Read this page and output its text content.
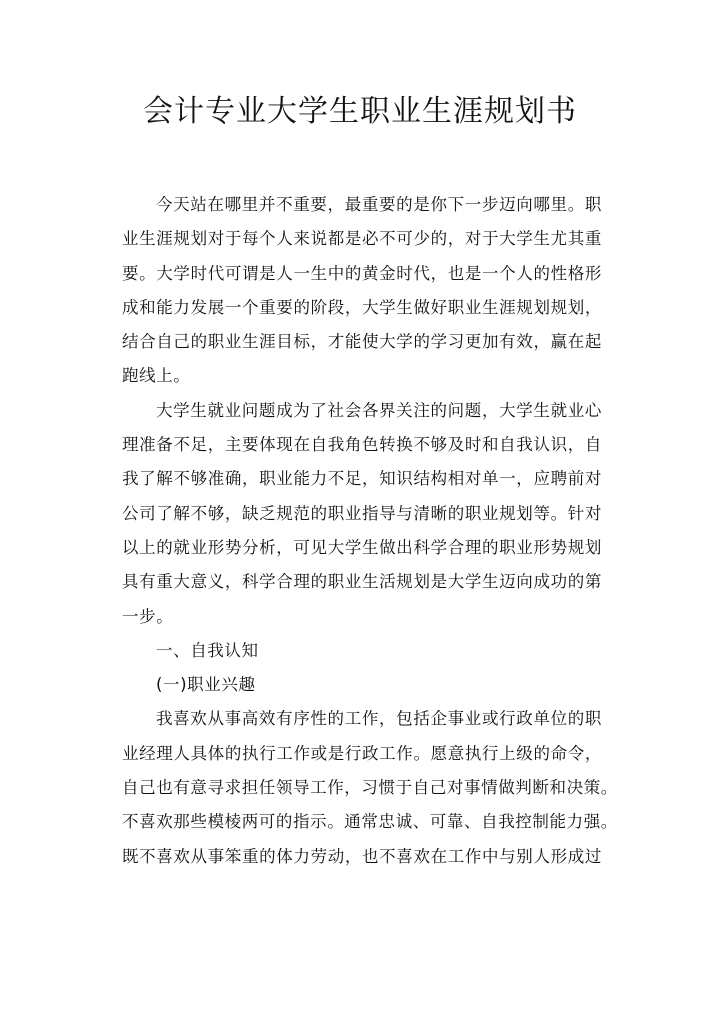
会计专业大学生职业生涯规划书
今天站在哪里并不重要，最重要的是你下一步迈向哪里。职
业生涯规划对于每个人来说都是必不可少的，对于大学生尤其重
要。大学时代可谓是人一生中的黄金时代，也是一个人的性格形
成和能力发展一个重要的阶段，大学生做好职业生涯规划规划，
结合自己的职业生涯目标，才能使大学的学习更加有效，赢在起
跑线上。
大学生就业问题成为了社会各界关注的问题，大学生就业心
理准备不足，主要体现在自我角色转换不够及时和自我认识，自
我了解不够准确，职业能力不足，知识结构相对单一，应聘前对
公司了解不够，缺乏规范的职业指导与清晰的职业规划等。针对
以上的就业形势分析，可见大学生做出科学合理的职业形势规划
具有重大意义，科学合理的职业生活规划是大学生迈向成功的第
一步。
一、自我认知
(一)职业兴趣
我喜欢从事高效有序性的工作，包括企事业或行政单位的职
业经理人具体的执行工作或是行政工作。愿意执行上级的命令，
自己也有意寻求担任领导工作，习惯于自己对事情做判断和决策。
不喜欢那些模棱两可的指示。通常忠诚、可靠、自我控制能力强。
既不喜欢从事笨重的体力劳动，也不喜欢在工作中与别人形成过
